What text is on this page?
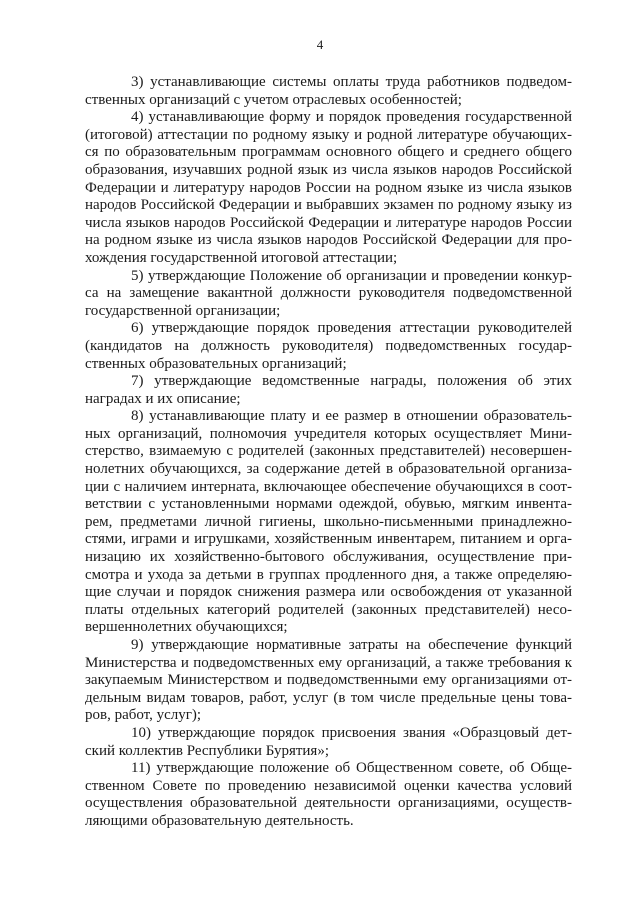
4
3) устанавливающие системы оплаты труда работников подведом-
ственных организаций с учетом отраслевых особенностей;
4) устанавливающие форму и порядок проведения государственной
(итоговой) аттестации по родному языку и родной литературе обучающих-
ся по образовательным программам основного общего и среднего общего
образования, изучавших родной язык из числа языков народов Российской
Федерации и литературу народов России на родном языке из числа языков
народов Российской Федерации и выбравших экзамен по родному языку из
числа языков народов Российской Федерации и литературе народов России
на родном языке из числа языков народов Российской Федерации для про-
хождения государственной итоговой аттестации;
5) утверждающие Положение об организации и проведении конкур-
са на замещение вакантной должности руководителя подведомственной
государственной организации;
6) утверждающие порядок проведения аттестации руководителей
(кандидатов на должность руководителя) подведомственных государ-
ственных образовательных организаций;
7) утверждающие ведомственные награды, положения об этих
наградах и их описание;
8) устанавливающие плату и ее размер в отношении образователь-
ных организаций, полномочия учредителя которых осуществляет Мини-
стерство, взимаемую с родителей (законных представителей) несовершен-
нолетних обучающихся, за содержание детей в образовательной организа-
ции с наличием интерната, включающее обеспечение обучающихся в соот-
ветствии с установленными нормами одеждой, обувью, мягким инвента-
рем, предметами личной гигиены, школьно-письменными принадлежно-
стями, играми и игрушками, хозяйственным инвентарем, питанием и орга-
низацию их хозяйственно-бытового обслуживания, осуществление при-
смотра и ухода за детьми в группах продленного дня, а также определяю-
щие случаи и порядок снижения размера или освобождения от указанной
платы отдельных категорий родителей (законных представителей) несо-
вершеннолетних обучающихся;
9) утверждающие нормативные затраты на обеспечение функций
Министерства и подведомственных ему организаций, а также требования к
закупаемым Министерством и подведомственными ему организациями от-
дельным видам товаров, работ, услуг (в том числе предельные цены това-
ров, работ, услуг);
10) утверждающие порядок присвоения звания «Образцовый дет-
ский коллектив Республики Бурятия»;
11) утверждающие положение об Общественном совете, об Обще-
ственном Совете по проведению независимой оценки качества условий
осуществления образовательной деятельности организациями, осуществ-
ляющими образовательную деятельность.
